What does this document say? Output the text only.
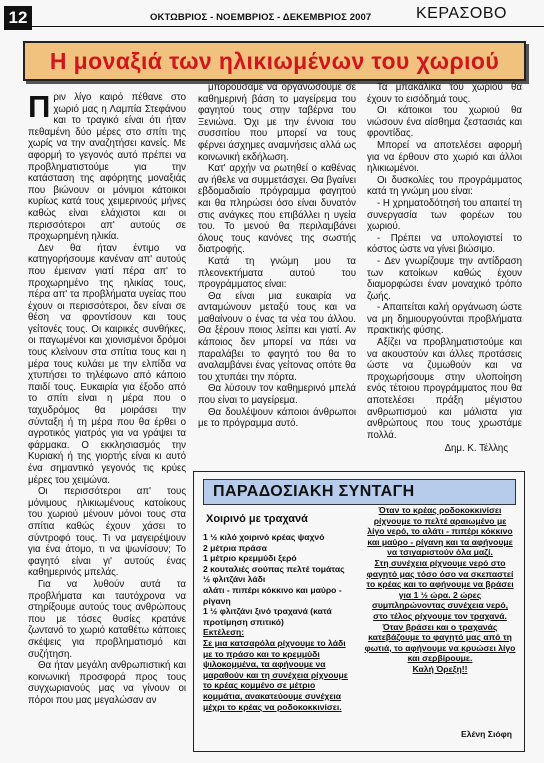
12	ΟΚΤΩΒΡΙΟΣ - ΝΟΕΜΒΡΙΟΣ - ΔΕΚΕΜΒΡΙΟΣ 2007	ΚΕΡΑΣΟΒΟ
Η μοναξιά των ηλικιωμένων του χωριού

Πριν λίγο καιρό πέθανε στο χωριό μας η Λαμπία Στεφάνου και το τραγικό είναι ότι ήταν πεθαμένη δύο μέρες στο σπίτι της χωρίς να την αναζητήσει κανείς. Με αφορμή το γεγονός αυτό πρέπει να προβληματιστούμε για την κατάσταση της αφόρητης μοναξιάς που βιώνουν οι μόνιμοι κάτοικοι κυρίως κατά τους χειμερινούς μήνες καθώς είναι ελάχιστοι και οι περισσότεροι απ' αυτούς σε προχωρημένη ηλικία.

Δεν θα ήταν έντιμο να κατηγορήσουμε κανέναν απ' αυτούς που έμειναν γιατί πέρα απ' το προχωρημένο της ηλικίας τους, πέρα απ' τα προβλήματα υγείας που έχουν οι περισσότεροι, δεν είναι σε θέση να φροντίσουν και τους γείτονές τους. Οι καιρικές συνθήκες, οι παγωμένοι και χιονισμένοι δρόμοι τους κλείνουν στα σπίτια τους και η μέρα τους κυλάει με την ελπίδα να χτυπήσει το τηλέφωνο από κάποιο παιδί τους. Ευκαιρία για έξοδο από το σπίτι είναι η μέρα που ο ταχυδρόμος θα μοιράσει την σύνταξη ή τη μέρα που θα έρθει ο αγροτικός γιατρός για να γράψει τα φάρμακα. Ο εκκλησιασμός την Κυριακή ή της γιορτής είναι κι αυτό ένα σημαντικό γεγονός τις κρύες μέρες του χειμώνα.

Οι περισσότεροι απ' τους μόνιμους ηλικιωμένους κατοίκους του χωριού μένουν μόνοι τους στα σπίτια καθώς έχουν χάσει το σύντροφό τους. Τι να μαγειρέψουν για ένα άτομο, τι να ψωνίσουν; Το φαγητό είναι γι' αυτούς ένας καθημερινός μπελάς.

Για να λυθούν αυτά τα προβλήματα και ταυτόχρονα να στηρίξουμε αυτούς τους ανθρώπους που με τόσες θυσίες κρατάνε ζωντανό το χωριό καταθέτω κάποιες σκέψεις για προβληματισμό και συζήτηση.

Θα ήταν μεγάλη ανθρωπιστική και κοινωνική προσφορά προς τους συγχωριανούς μας να γίνουν οι πόροι που μας μεγαλώσαν αν

μπορούσαμε να οργανώσουμε σε καθημερινή βάση το μαγείρεμα του φαγητού τους στην ταβέρνα του Ξενιώνα. Όχι με την έννοια του συσσιτίου που μπορεί να τους φέρνει άσχημες αναμνήσεις αλλά ως κοινωνική εκδήλωση.

Κατ' αρχήν να ρωτηθεί ο καθένας αν ήθελε να συμμετάσχει. Θα βγαίνει εβδομαδιαίο πρόγραμμα φαγητού και θα πληρώσει όσο είναι δυνατόν στις ανάγκες που επιβάλλει η υγεία του. Το μενού θα περιλαμβάνει όλους τους κανόνες της σωστής διατροφής.

Κατά τη γνώμη μου τα πλεονεκτήματα αυτού του προγράμματος είναι:

Θα είναι μια ευκαιρία να ανταμώνουν μεταξύ τους και να μαθαίνουν ο ένας τα νέα του άλλου. Θα ξέρουν ποιος λείπει και γιατί. Αν κάποιος δεν μπορεί να πάει να παραλάβει το φαγητό του θα το αναλαμβάνει ένας γείτονας οπότε θα του χτυπάει την πόρτα.

Θα λύσουν τον καθημερινό μπελά που είναι το μαγείρεμα.

Θα δουλέψουν κάποιοι άνθρωποι με το πρόγραμμα αυτό.

Τα μπακάλικα του χωριού θα έχουν το εισόδημά τους.

Οι κάτοικοι του χωριού θα νιώσουν ένα αίσθημα ζεστασιάς και φροντίδας.

Μπορεί να αποτελέσει αφορμή για να έρθουν στο χωριό και άλλοι ηλικιωμένοι.

Οι δυσκολίες του προγράμματος κατά τη γνώμη μου είναι:

- Η χρηματοδότησή του απαιτεί τη συνεργασία των φορέων του χωριού.

- Πρέπει να υπολογιστεί το κόστος ώστε να γίνει βιώσιμο.

- Δεν γνωρίζουμε την αντίδραση των κατοίκων καθώς έχουν διαμορφώσει έναν μοναχικό τρόπο ζωής.

- Απαιτείται καλή οργάνωση ώστε να μη δημιουργούνται προβλήματα πρακτικής φύσης.

Αξίζει να προβληματιστούμε και να ακουστούν και άλλες προτάσεις ώστε να ζυμωθούν και να προχωρήσουμε στην υλοποίηση ενός τέτοιου προγράμματος που θα αποτελέσει πράξη μέγιστου ανθρωπισμού και μάλιστα για ανθρώπους που τους χρωστάμε πολλά.

Δημ. Κ. Τέλλης
ΠΑΡΑΔΟΣΙΑΚΗ ΣΥΝΤΑΓΗ
Χοιρινό με τραχανά
1 ½ κιλό χοιρινό κρέας ψαχνό
2 μέτρια πράσα
1 μέτριο κρεμμύδι ξερό
2 κουταλιές σούπας πελτέ τομάτας
½ φλιτζάνι λάδι
αλάτι - πιπέρι κόκκινο και μαύρο - ρίγανη
1 ½ φλιτζάνι ξινό τραχανά (κατά προτίμηση σπιτικό)
Εκτέλεση:
Σε μια κατσαρόλα ρίχνουμε το λάδι με το πράσο και το κρεμμύδι ψιλοκομμένα, τα αφήνουμε να μαραθούν και τη συνέχεια ρίχνουμε το κρέας κομμένο σε μέτριο κομμάτια, ανακατεύουμε συνέχεια μέχρι το κρέας να ροδοκοκκινίσει.
Όταν το κρέας ροδοκοκκινίσει ρίχνουμε το πελτέ αραιωμένο με λίγο νερό, το αλάτι - πιπέρι κόκκινο και μαύρο - ρίγανη και τα αφήνουμε να τσιγαριστούν όλα μαζί.
Στη συνέχεια ρίχνουμε νερό στο φαγητό μας τόσο όσο να σκεπαστεί το κρέας και το αφήνουμε να βράσει για 1 ½ ώρα. 2 ώρες συμπληρώνοντας συνέχεια νερό, στο τέλος ρίχνουμε τον τραχανά.
Όταν βράσει και ο τραχανάς κατεβάζουμε το φαγητό μας από τη φωτιά, το αφήνουμε να κρυώσει λίγο και σερβίρουμε.
Καλή Όρεξη!!
Ελένη Σιόφη
